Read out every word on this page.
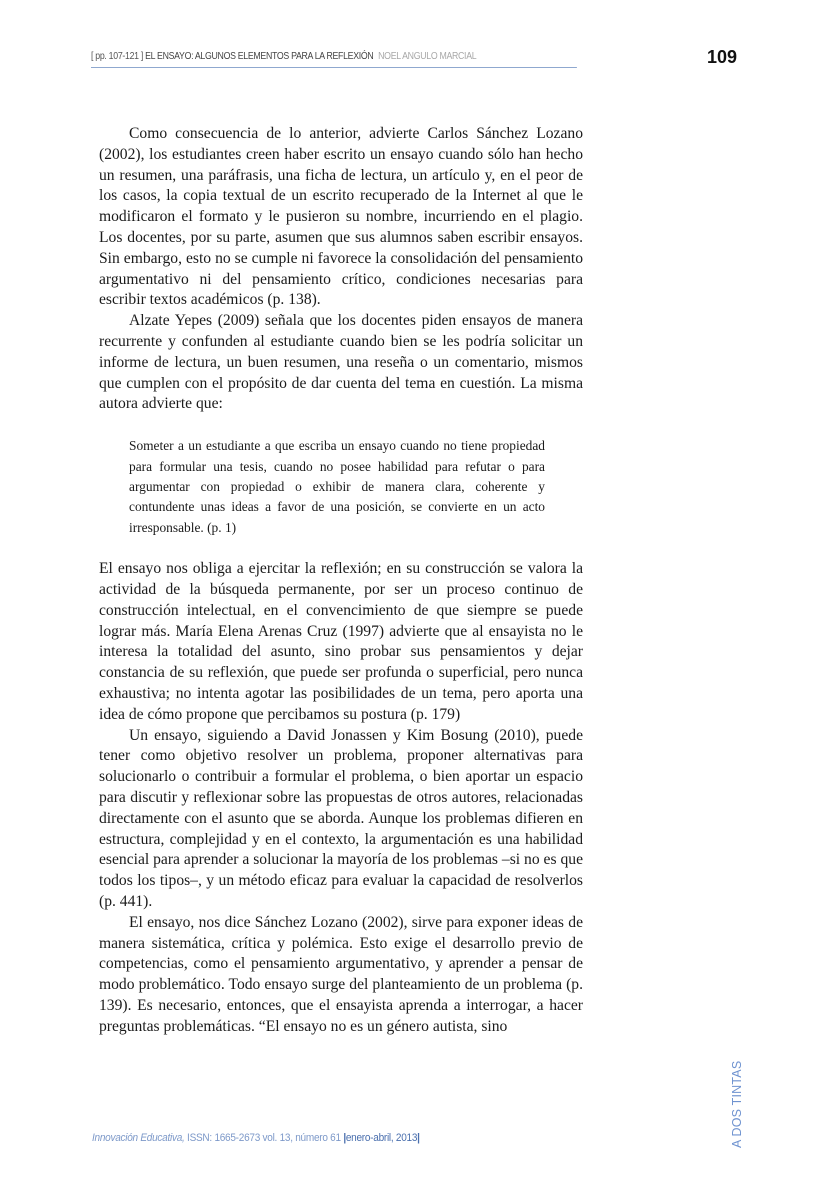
[ pp. 107-121 ] EL ENSAYO: ALGUNOS ELEMENTOS PARA LA REFLEXIÓN NOEL ANGULO MARCIAL	109

Como consecuencia de lo anterior, advierte Carlos Sánchez Lozano (2002), los estudiantes creen haber escrito un ensayo cuando sólo han hecho un resumen, una paráfrasis, una ficha de lectura, un artículo y, en el peor de los casos, la copia textual de un escrito recuperado de la Internet al que le modificaron el formato y le pusieron su nombre, incurriendo en el plagio. Los docentes, por su parte, asumen que sus alumnos saben escribir ensayos. Sin embargo, esto no se cumple ni favorece la consolidación del pensamiento argumentativo ni del pensamiento crítico, condiciones necesarias para escribir textos académicos (p. 138).

Alzate Yepes (2009) señala que los docentes piden ensayos de manera recurrente y confunden al estudiante cuando bien se les podría solicitar un informe de lectura, un buen resumen, una reseña o un comentario, mismos que cumplen con el propósito de dar cuenta del tema en cuestión. La misma autora advierte que:

Someter a un estudiante a que escriba un ensayo cuando no tiene propiedad para formular una tesis, cuando no posee habilidad para refutar o para argumentar con propiedad o exhibir de manera clara, coherente y contundente unas ideas a favor de una posición, se convierte en un acto irresponsable. (p. 1)

El ensayo nos obliga a ejercitar la reflexión; en su construcción se valora la actividad de la búsqueda permanente, por ser un proceso continuo de construcción intelectual, en el convencimiento de que siempre se puede lograr más. María Elena Arenas Cruz (1997) advierte que al ensayista no le interesa la totalidad del asunto, sino probar sus pensamientos y dejar constancia de su reflexión, que puede ser profunda o superficial, pero nunca exhaustiva; no intenta agotar las posibilidades de un tema, pero aporta una idea de cómo propone que percibamos su postura (p. 179)

Un ensayo, siguiendo a David Jonassen y Kim Bosung (2010), puede tener como objetivo resolver un problema, proponer alternativas para solucionarlo o contribuir a formular el problema, o bien aportar un espacio para discutir y reflexionar sobre las propuestas de otros autores, relacionadas directamente con el asunto que se aborda. Aunque los problemas difieren en estructura, complejidad y en el contexto, la argumentación es una habilidad esencial para aprender a solucionar la mayoría de los problemas –si no es que todos los tipos–, y un método eficaz para evaluar la capacidad de resolverlos (p. 441).

El ensayo, nos dice Sánchez Lozano (2002), sirve para exponer ideas de manera sistemática, crítica y polémica. Esto exige el desarrollo previo de competencias, como el pensamiento argumentativo, y aprender a pensar de modo problemático. Todo ensayo surge del planteamiento de un problema (p. 139). Es necesario, entonces, que el ensayista aprenda a interrogar, a hacer preguntas problemáticas. “El ensayo no es un género autista, sino

Innovación Educativa, ISSN: 1665-2673 vol. 13, número 61 |enero-abril, 2013|	A DOS TINTAS
